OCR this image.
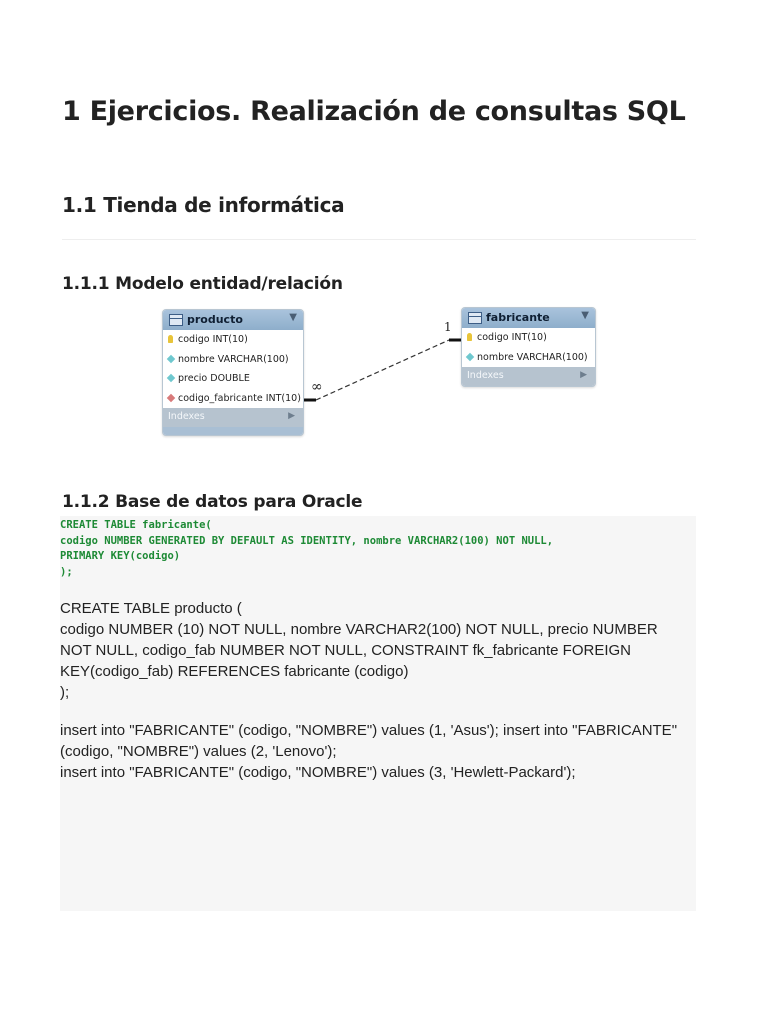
1 Ejercicios. Realización de consultas SQL
1.1 Tienda de informática
1.1.1 Modelo entidad/relación
1
∞
producto	▼
codigo INT(10)
nombre VARCHAR(100)
precio DOUBLE
codigo_fabricante INT(10)
Indexes	▶
fabricante	▼
codigo INT(10)
nombre VARCHAR(100)
Indexes	▶
1.1.2 Base de datos para Oracle
CREATE TABLE fabricante(
codigo NUMBER GENERATED BY DEFAULT AS IDENTITY, nombre VARCHAR2(100) NOT NULL,
PRIMARY KEY(codigo)
);

CREATE TABLE producto (
codigo NUMBER (10) NOT NULL, nombre VARCHAR2(100) NOT NULL, precio NUMBER NOT NULL, codigo_fab NUMBER NOT NULL, CONSTRAINT fk_fabricante FOREIGN KEY(codigo_fab) REFERENCES fabricante (codigo)
);

insert into "FABRICANTE" (codigo, "NOMBRE") values (1, 'Asus'); insert into "FABRICANTE" (codigo, "NOMBRE") values (2, 'Lenovo');
insert into "FABRICANTE" (codigo, "NOMBRE") values (3, 'Hewlett-Packard');
